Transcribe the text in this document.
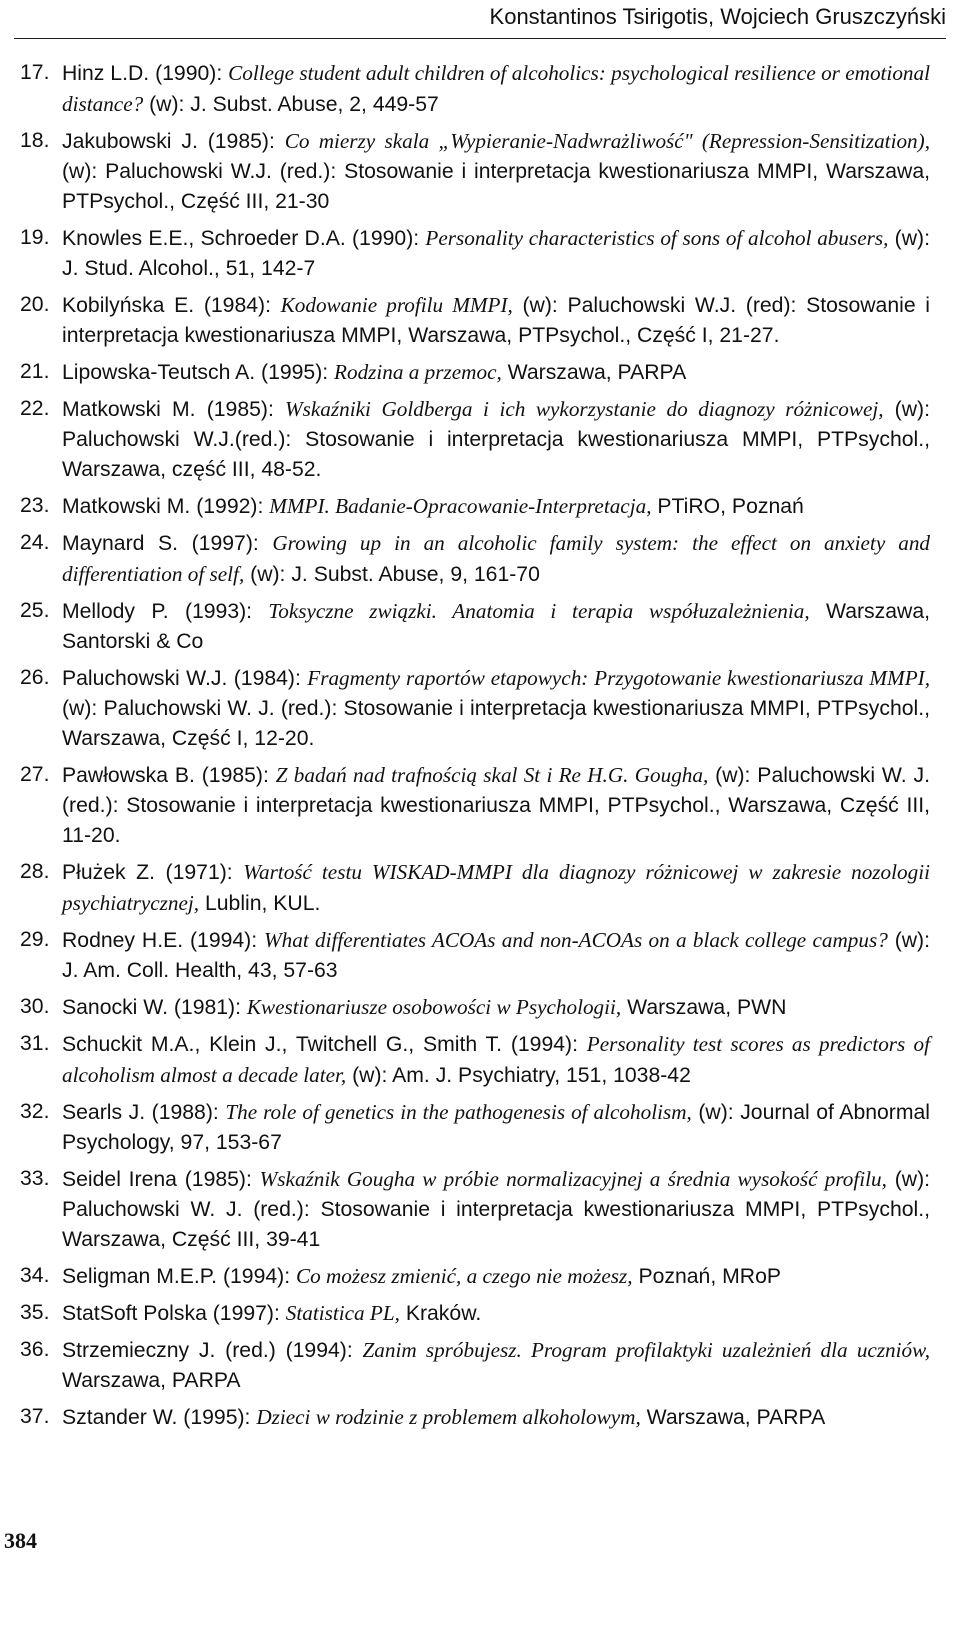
Konstantinos Tsirigotis, Wojciech Gruszczyński
17. Hinz L.D. (1990): College student adult children of alcoholics: psychological resilience or emotional distance? (w): J. Subst. Abuse, 2, 449-57
18. Jakubowski J. (1985): Co mierzy skala „Wypieranie-Nadwrażliwość" (Repression-Sensitization), (w): Paluchowski W.J. (red.): Stosowanie i interpretacja kwestionariusza MMPI, Warszawa, PTPsychol., Część III, 21-30
19. Knowles E.E., Schroeder D.A. (1990): Personality characteristics of sons of alcohol abusers, (w): J. Stud. Alcohol., 51, 142-7
20. Kobilyńska E. (1984): Kodowanie profilu MMPI, (w): Paluchowski W.J. (red): Stosowanie i interpretacja kwestionariusza MMPI, Warszawa, PTPsychol., Część I, 21-27.
21. Lipowska-Teutsch A. (1995): Rodzina a przemoc, Warszawa, PARPA
22. Matkowski M. (1985): Wskaźniki Goldberga i ich wykorzystanie do diagnozy różnicowej, (w): Paluchowski W.J.(red.): Stosowanie i interpretacja kwestionariusza MMPI, PTPsychol., Warszawa, część III, 48-52.
23. Matkowski M. (1992): MMPI. Badanie-Opracowanie-Interpretacja, PTiRO, Poznań
24. Maynard S. (1997): Growing up in an alcoholic family system: the effect on anxiety and differentiation of self, (w): J. Subst. Abuse, 9, 161-70
25. Mellody P. (1993): Toksyczne związki. Anatomia i terapia współuzależnienia, Warszawa, Santorski & Co
26. Paluchowski W.J. (1984): Fragmenty raportów etapowych: Przygotowanie kwestionariusza MMPI, (w): Paluchowski W. J. (red.): Stosowanie i interpretacja kwestionariusza MMPI, PTPsychol., Warszawa, Część I, 12-20.
27. Pawłowska B. (1985): Z badań nad trafnością skal St i Re H.G. Gougha, (w): Paluchowski W. J.(red.): Stosowanie i interpretacja kwestionariusza MMPI, PTPsychol., Warszawa, Część III, 11-20.
28. Płużek Z. (1971): Wartość testu WISKAD-MMPI dla diagnozy różnicowej w zakresie nozologii psychiatrycznej, Lublin, KUL.
29. Rodney H.E. (1994): What differentiates ACOAs and non-ACOAs on a black college campus? (w): J. Am. Coll. Health, 43, 57-63
30. Sanocki W. (1981): Kwestionariusze osobowości w Psychologii, Warszawa, PWN
31. Schuckit M.A., Klein J., Twitchell G., Smith T. (1994): Personality test scores as predictors of alcoholism almost a decade later, (w): Am. J. Psychiatry, 151, 1038-42
32. Searls J. (1988): The role of genetics in the pathogenesis of alcoholism, (w): Journal of Abnormal Psychology, 97, 153-67
33. Seidel Irena (1985): Wskaźnik Gougha w próbie normalizacyjnej a średnia wysokość profilu, (w): Paluchowski W. J. (red.): Stosowanie i interpretacja kwestionariusza MMPI, PTPsychol., Warszawa, Część III, 39-41
34. Seligman M.E.P. (1994): Co możesz zmienić, a czego nie możesz, Poznań, MRoP
35. StatSoft Polska (1997): Statistica PL, Kraków.
36. Strzemieczny J. (red.) (1994): Zanim spróbujesz. Program profilaktyki uzależnień dla uczniów, Warszawa, PARPA
37. Sztander W. (1995): Dzieci w rodzinie z problemem alkoholowym, Warszawa, PARPA
384
